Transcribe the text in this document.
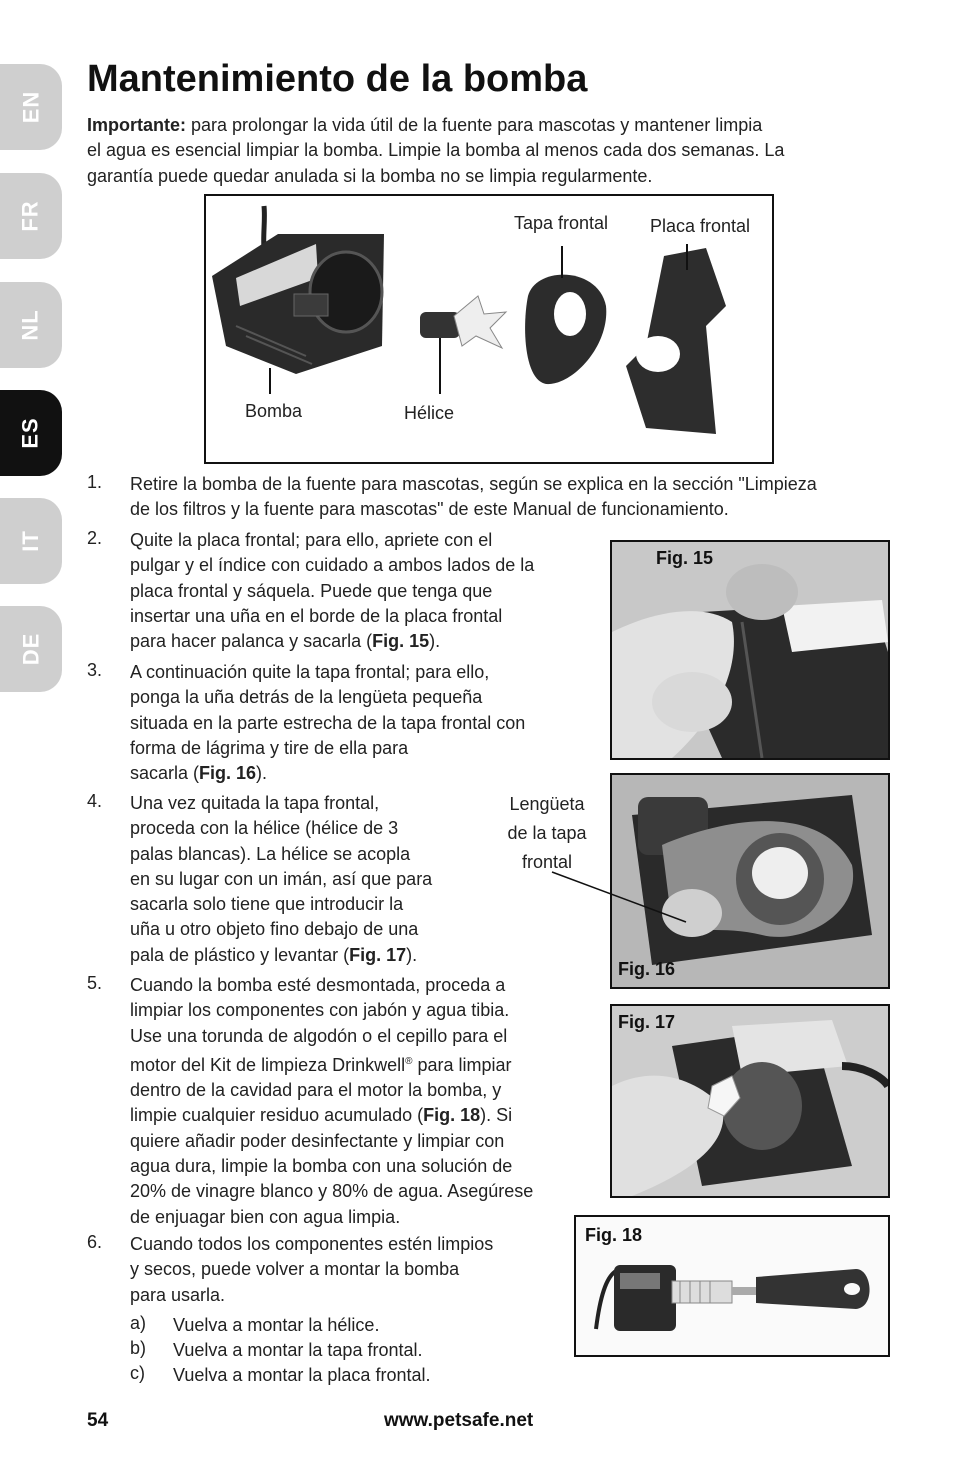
EN
FR
NL
ES
IT
DE
Mantenimiento de la bomba
Importante: para prolongar la vida útil de la fuente para mascotas y mantener limpia
el agua es esencial limpiar la bomba. Limpie la bomba al menos cada dos semanas. La
garantía puede quedar anulada si la bomba no se limpia regularmente.
Tapa frontal Placa frontal
Bomba	Hélice
1. Retire la bomba de la fuente para mascotas, según se explica en la sección "Limpieza
de los filtros y la fuente para mascotas" de este Manual de funcionamiento.
2. Quite la placa frontal; para ello, apriete con el
pulgar y el índice con cuidado a ambos lados de la
placa frontal y sáquela. Puede que tenga que
insertar una uña en el borde de la placa frontal
para hacer palanca y sacarla (Fig. 15).
3. A continuación quite la tapa frontal; para ello,
ponga la uña detrás de la lengüeta pequeña
situada en la parte estrecha de la tapa frontal con
forma de lágrima y tire de ella para
sacarla (Fig. 16).
4. Una vez quitada la tapa frontal,
proceda con la hélice (hélice de 3
palas blancas). La hélice se acopla
en su lugar con un imán, así que para
sacarla solo tiene que introducir la
uña u otro objeto fino debajo de una
pala de plástico y levantar (Fig. 17).
5. Cuando la bomba esté desmontada, proceda a
limpiar los componentes con jabón y agua tibia.
Use una torunda de algodón o el cepillo para el
motor del Kit de limpieza Drinkwell® para limpiar
dentro de la cavidad para el motor la bomba, y
limpie cualquier residuo acumulado (Fig. 18). Si
quiere añadir poder desinfectante y limpiar con
agua dura, limpie la bomba con una solución de
20% de vinagre blanco y 80% de agua. Asegúrese
de enjuagar bien con agua limpia.
6. Cuando todos los componentes estén limpios
y secos, puede volver a montar la bomba
para usarla.
a) Vuelva a montar la hélice.
b) Vuelva a montar la tapa frontal.
c) Vuelva a montar la placa frontal.
Fig. 15
Fig. 16
Lengüeta
de la tapa
frontal
Fig. 17
Fig. 18
54	www.petsafe.net
